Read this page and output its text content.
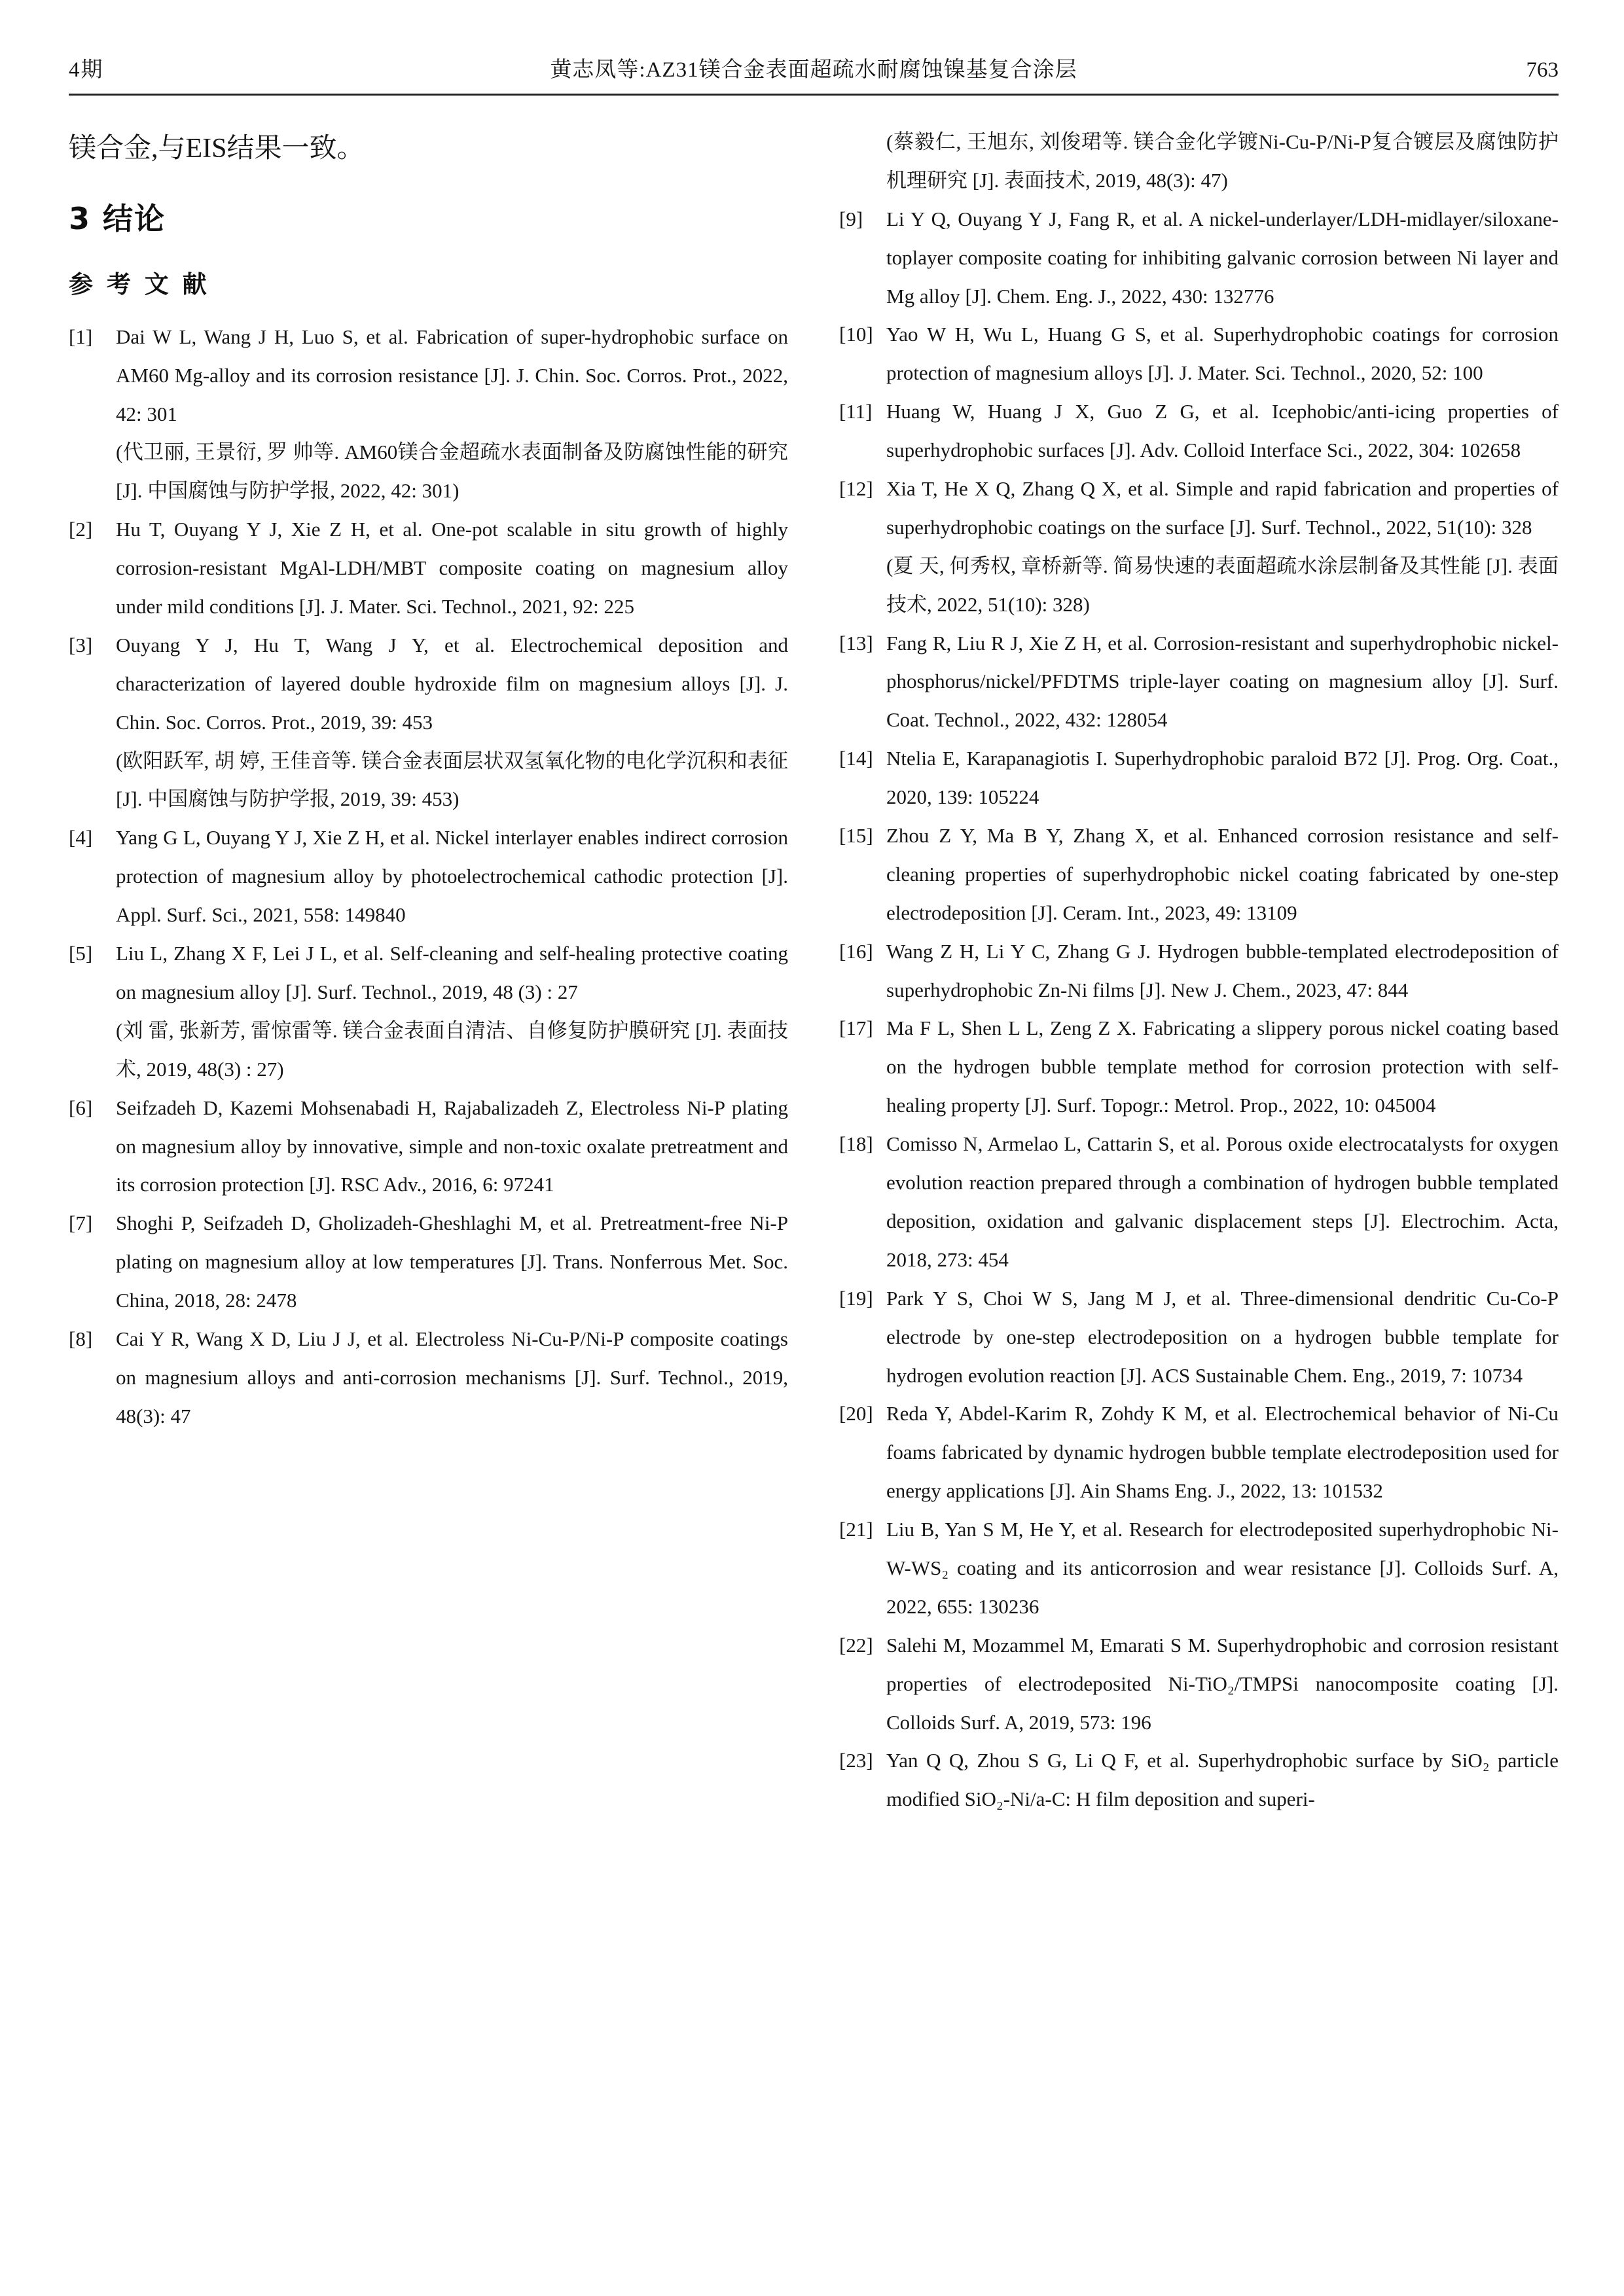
4期	黄志凤等:AZ31镁合金表面超疏水耐腐蚀镍基复合涂层	763

镁合金,与EIS结果一致。

3 结论

参 考 文 献
[1]	Dai W L, Wang J H, Luo S, et al. Fabrication of super-hydrophobic surface on AM60 Mg-alloy and its corrosion resistance [J]. J. Chin. Soc. Corros. Prot., 2022, 42: 301
(代卫丽, 王景衍, 罗 帅等. AM60镁合金超疏水表面制备及防腐蚀性能的研究 [J]. 中国腐蚀与防护学报, 2022, 42: 301)
[2]	Hu T, Ouyang Y J, Xie Z H, et al. One-pot scalable in situ growth of highly corrosion-resistant MgAl-LDH/MBT composite coating on magnesium alloy under mild conditions [J]. J. Mater. Sci. Technol., 2021, 92: 225
[3]	Ouyang Y J, Hu T, Wang J Y, et al. Electrochemical deposition and characterization of layered double hydroxide film on magnesium alloys [J]. J. Chin. Soc. Corros. Prot., 2019, 39: 453
(欧阳跃军, 胡 婷, 王佳音等. 镁合金表面层状双氢氧化物的电化学沉积和表征 [J]. 中国腐蚀与防护学报, 2019, 39: 453)
[4]	Yang G L, Ouyang Y J, Xie Z H, et al. Nickel interlayer enables indirect corrosion protection of magnesium alloy by photoelectrochemical cathodic protection [J]. Appl. Surf. Sci., 2021, 558: 149840
[5]	Liu L, Zhang X F, Lei J L, et al. Self-cleaning and self-healing protective coating on magnesium alloy [J]. Surf. Technol., 2019, 48 (3) : 27
(刘 雷, 张新芳, 雷惊雷等. 镁合金表面自清洁、自修复防护膜研究 [J]. 表面技术, 2019, 48(3) : 27)
[6]	Seifzadeh D, Kazemi Mohsenabadi H, Rajabalizadeh Z, Electroless Ni-P plating on magnesium alloy by innovative, simple and non-toxic oxalate pretreatment and its corrosion protection [J]. RSC Adv., 2016, 6: 97241
[7]	Shoghi P, Seifzadeh D, Gholizadeh-Gheshlaghi M, et al. Pretreatment-free Ni-P plating on magnesium alloy at low temperatures [J]. Trans. Nonferrous Met. Soc. China, 2018, 28: 2478
[8]	Cai Y R, Wang X D, Liu J J, et al. Electroless Ni-Cu-P/Ni-P composite coatings on magnesium alloys and anti-corrosion mechanisms [J]. Surf. Technol., 2019, 48(3): 47
(蔡毅仁, 王旭东, 刘俊珺等. 镁合金化学镀Ni-Cu-P/Ni-P复合镀层及腐蚀防护机理研究 [J]. 表面技术, 2019, 48(3): 47)
[9]	Li Y Q, Ouyang Y J, Fang R, et al. A nickel-underlayer/LDH-midlayer/siloxane-toplayer composite coating for inhibiting galvanic corrosion between Ni layer and Mg alloy [J]. Chem. Eng. J., 2022, 430: 132776
[10] Yao W H, Wu L, Huang G S, et al. Superhydrophobic coatings for corrosion protection of magnesium alloys [J]. J. Mater. Sci. Technol., 2020, 52: 100
[11] Huang W, Huang J X, Guo Z G, et al. Icephobic/anti-icing properties of superhydrophobic surfaces [J]. Adv. Colloid Interface Sci., 2022, 304: 102658
[12] Xia T, He X Q, Zhang Q X, et al. Simple and rapid fabrication and properties of superhydrophobic coatings on the surface [J]. Surf. Technol., 2022, 51(10): 328
(夏 天, 何秀权, 章桥新等. 简易快速的表面超疏水涂层制备及其性能 [J]. 表面技术, 2022, 51(10): 328)
[13] Fang R, Liu R J, Xie Z H, et al. Corrosion-resistant and superhydrophobic nickel-phosphorus/nickel/PFDTMS triple-layer coating on magnesium alloy [J]. Surf. Coat. Technol., 2022, 432: 128054
[14] Ntelia E, Karapanagiotis I. Superhydrophobic paraloid B72 [J]. Prog. Org. Coat., 2020, 139: 105224
[15] Zhou Z Y, Ma B Y, Zhang X, et al. Enhanced corrosion resistance and self-cleaning properties of superhydrophobic nickel coating fabricated by one-step electrodeposition [J]. Ceram. Int., 2023, 49: 13109
[16] Wang Z H, Li Y C, Zhang G J. Hydrogen bubble-templated electrodeposition of superhydrophobic Zn-Ni films [J]. New J. Chem., 2023, 47: 844
[17] Ma F L, Shen L L, Zeng Z X. Fabricating a slippery porous nickel coating based on the hydrogen bubble template method for corrosion protection with self-healing property [J]. Surf. Topogr.: Metrol. Prop., 2022, 10: 045004
[18] Comisso N, Armelao L, Cattarin S, et al. Porous oxide electrocatalysts for oxygen evolution reaction prepared through a combination of hydrogen bubble templated deposition, oxidation and galvanic displacement steps [J]. Electrochim. Acta, 2018, 273: 454
[19] Park Y S, Choi W S, Jang M J, et al. Three-dimensional dendritic Cu-Co-P electrode by one-step electrodeposition on a hydrogen bubble template for hydrogen evolution reaction [J]. ACS Sustainable Chem. Eng., 2019, 7: 10734
[20] Reda Y, Abdel-Karim R, Zohdy K M, et al. Electrochemical behavior of Ni-Cu foams fabricated by dynamic hydrogen bubble template electrodeposition used for energy applications [J]. Ain Shams Eng. J., 2022, 13: 101532
[21] Liu B, Yan S M, He Y, et al. Research for electrodeposited superhydrophobic Ni-W-WS₂ coating and its anticorrosion and wear resistance [J]. Colloids Surf. A, 2022, 655: 130236
[22] Salehi M, Mozammel M, Emarati S M. Superhydrophobic and corrosion resistant properties of electrodeposited Ni-TiO₂/TMPSi nanocomposite coating [J]. Colloids Surf. A, 2019, 573: 196
[23] Yan Q Q, Zhou S G, Li Q F, et al. Superhydrophobic surface by SiO₂ particle modified SiO₂-Ni/a-C: H film deposition and superi-
